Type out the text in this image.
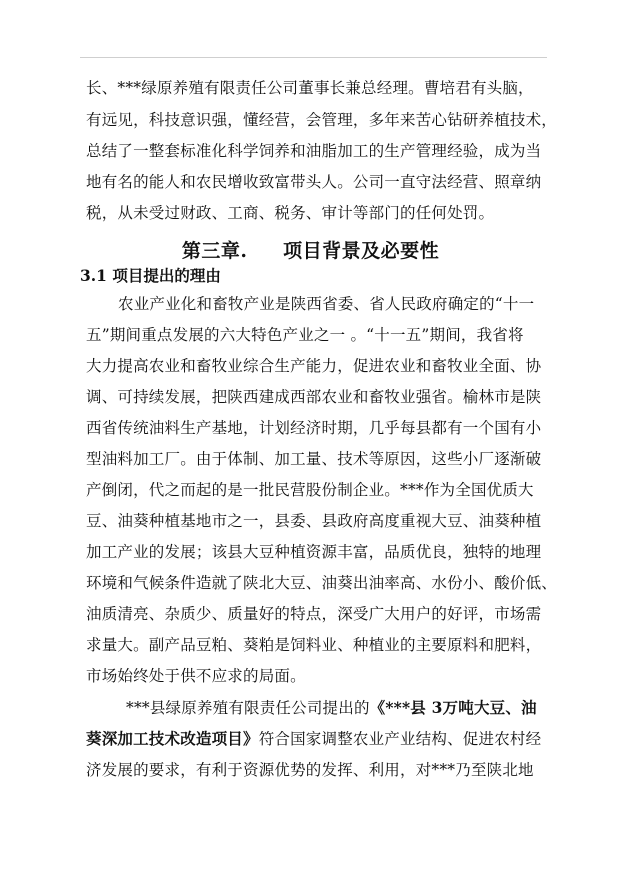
长、***绿原养殖有限责任公司董事长兼总经理。曹培君有头脑，
有远见，科技意识强，懂经营，会管理，多年来苦心钻研养植技术，
总结了一整套标准化科学饲养和油脂加工的生产管理经验，成为当
地有名的能人和农民增收致富带头人。公司一直守法经营、照章纳
税，从未受过财政、工商、税务、审计等部门的任何处罚。
第三章.     项目背景及必要性
3.1 项目提出的理由
农业产业化和畜牧产业是陕西省委、省人民政府确定的“十一
五”期间重点发展的六大特色产业之一 。“十一五”期间，我省将
大力提高农业和畜牧业综合生产能力，促进农业和畜牧业全面、协
调、可持续发展，把陕西建成西部农业和畜牧业强省。榆林市是陕
西省传统油料生产基地，计划经济时期，几乎每县都有一个国有小
型油料加工厂。由于体制、加工量、技术等原因，这些小厂逐渐破
产倒闭，代之而起的是一批民营股份制企业。***作为全国优质大
豆、油葵种植基地市之一，县委、县政府高度重视大豆、油葵种植
加工产业的发展；该县大豆种植资源丰富，品质优良，独特的地理
环境和气候条件造就了陕北大豆、油葵出油率高、水份小、酸价低、
油质清亮、杂质少、质量好的特点，深受广大用户的好评，市场需
求量大。副产品豆粕、葵粕是饲料业、种植业的主要原料和肥料，
市场始终处于供不应求的局面。
***县绿原养殖有限责任公司提出的《***县 3万吨大豆、油
葵深加工技术改造项目》符合国家调整农业产业结构、促进农村经
济发展的要求，有利于资源优势的发挥、利用，对***乃至陕北地
